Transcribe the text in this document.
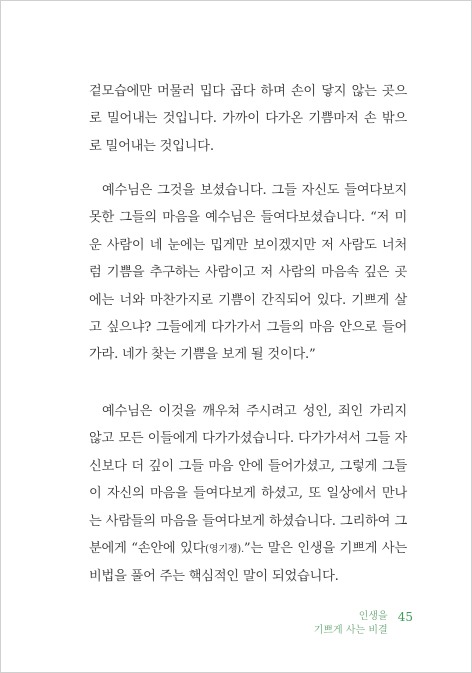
겉모습에만 머물러 밉다 곱다 하며 손이 닿지 않는 곳으로 밀어내는 것입니다. 가까이 다가온 기쁨마저 손 밖으로 밀어내는 것입니다.

예수님은 그것을 보셨습니다. 그들 자신도 들여다보지 못한 그들의 마음을 예수님은 들여다보셨습니다. “저 미운 사람이 네 눈에는 밉게만 보이겠지만 저 사람도 너처럼 기쁨을 추구하는 사람이고 저 사람의 마음속 깊은 곳에는 너와 마찬가지로 기쁨이 간직되어 있다. 기쁘게 살고 싶으냐? 그들에게 다가가서 그들의 마음 안으로 들어가라. 네가 찾는 기쁨을 보게 될 것이다.”

예수님은 이것을 깨우쳐 주시려고 성인, 죄인 가리지 않고 모든 이들에게 다가가셨습니다. 다가가셔서 그들 자신보다 더 깊이 그들 마음 안에 들어가셨고, 그렇게 그들이 자신의 마음을 들여다보게 하셨고, 또 일상에서 만나는 사람들의 마음을 들여다보게 하셨습니다. 그리하여 그분에게 “손안에 있다(영기쟁).”는 말은 인생을 기쁘게 사는 비법을 풀어 주는 핵심적인 말이 되었습니다.

인생을
기쁘게 사는 비결
45
